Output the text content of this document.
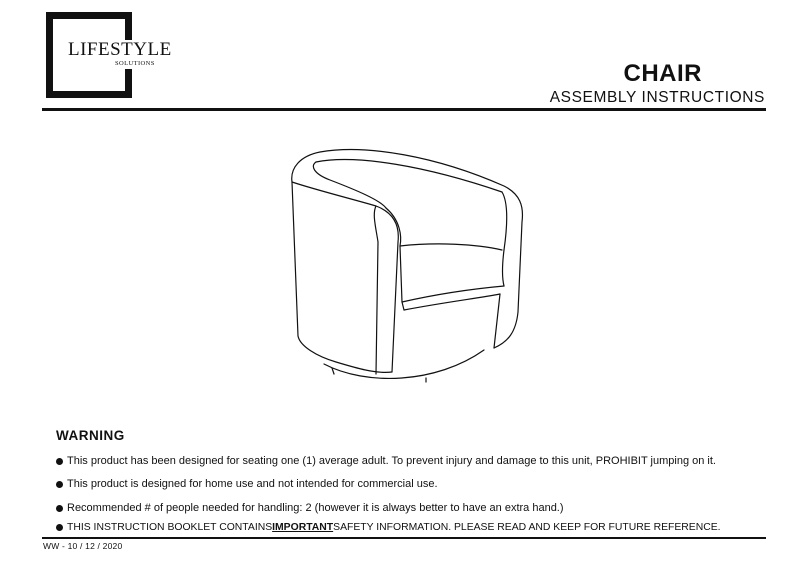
LIFESTYLE
SOLUTIONS	CHAIR
ASSEMBLY INSTRUCTIONS
WARNING
This product has been designed for seating one (1) average adult. To prevent injury and damage to this unit, PROHIBIT jumping on it.
This product is designed for home use and not intended for commercial use.
Recommended # of people needed for handling: 2 (however it is always better to have an extra hand.)
THIS INSTRUCTION BOOKLET CONTAINS IMPORTANT SAFETY INFORMATION. PLEASE READ AND KEEP FOR FUTURE REFERENCE.
WW - 10 / 12 / 2020
